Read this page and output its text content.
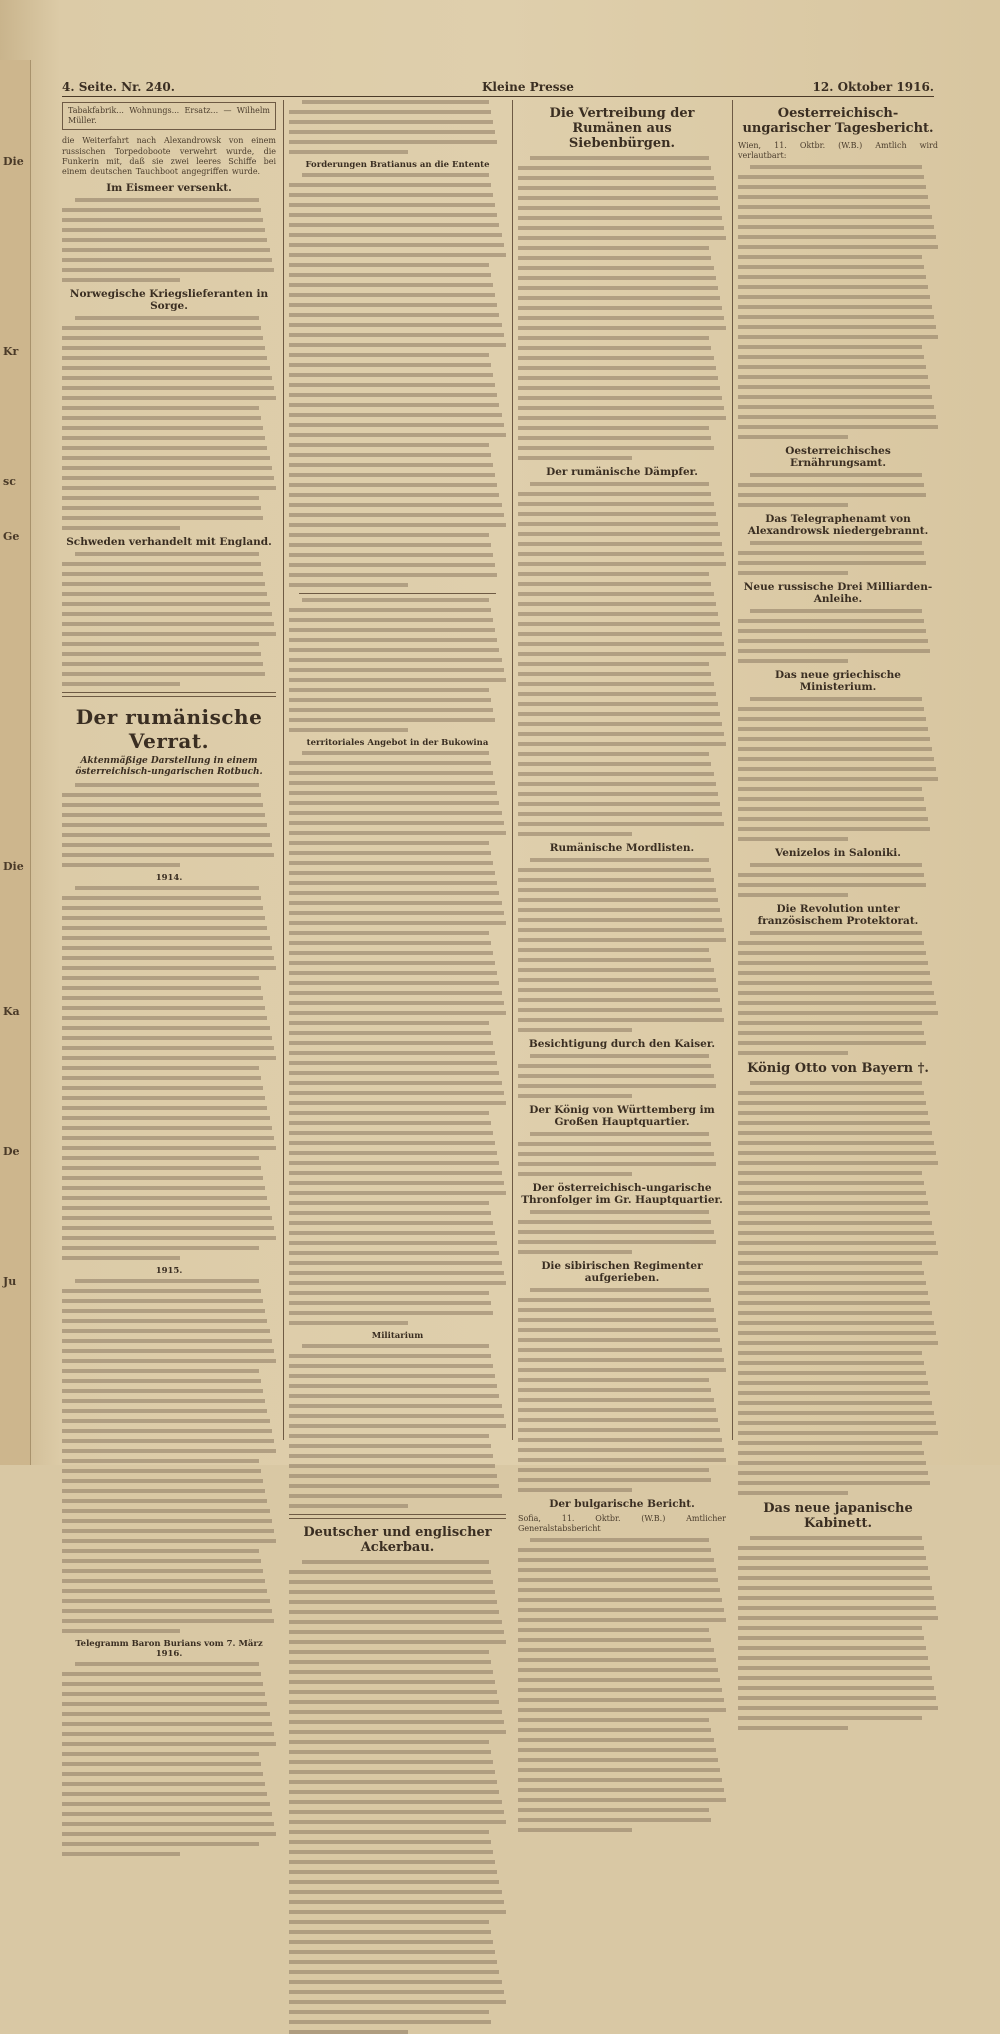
Die
Kr
sc
Ge
Die
Ka
De
Ju
4. Seite. Nr. 240.	Kleine Presse	12. Oktober 1916.

Tabakfabrik... Wohnungs... Ersatz... — Wilhelm Müller.

die Weiterfahrt nach Alexandrowsk von einem russischen Torpedoboote verwehrt wurde, die Funkerin mit, daß sie zwei leeres Schiffe bei einem deutschen Tauchboot angegriffen wurde.

Im Eismeer versenkt.
Norwegische Kriegslieferanten in Sorge.
Schweden verhandelt mit England.
Der rumänische Verrat.
Aktenmäßige Darstellung in einem österreichisch-ungarischen Rotbuch.
1914.
1915.
Telegramm Baron Burians vom 7. März 1916.
Forderungen Bratianus an die Entente
territoriales Angebot in der Bukowina
Militarium
Deutscher und englischer Ackerbau.
Die Vertreibung der Rumänen aus Siebenbürgen.
Der rumänische Dämpfer.
Rumänische Mordlisten.
Besichtigung durch den Kaiser.
Der König von Württemberg im Großen Hauptquartier.
Der österreichisch-ungarische Thronfolger im Gr. Hauptquartier.
Die sibirischen Regimenter aufgerieben.
Der bulgarische Bericht.

Sofia, 11. Oktbr. (W.B.) Amtlicher Generalstabsbericht

Oesterreichisch-ungarischer Tagesbericht.

Wien, 11. Oktbr. (W.B.) Amtlich wird verlautbart:

Oesterreichisches Ernährungsamt.
Das Telegraphenamt von Alexandrowsk niedergebrannt.
Neue russische Drei Milliarden-Anleihe.
Das neue griechische Ministerium.
Venizelos in Saloniki.
Die Revolution unter französischem Protektorat.
König Otto von Bayern †.
Das neue japanische Kabinett.
